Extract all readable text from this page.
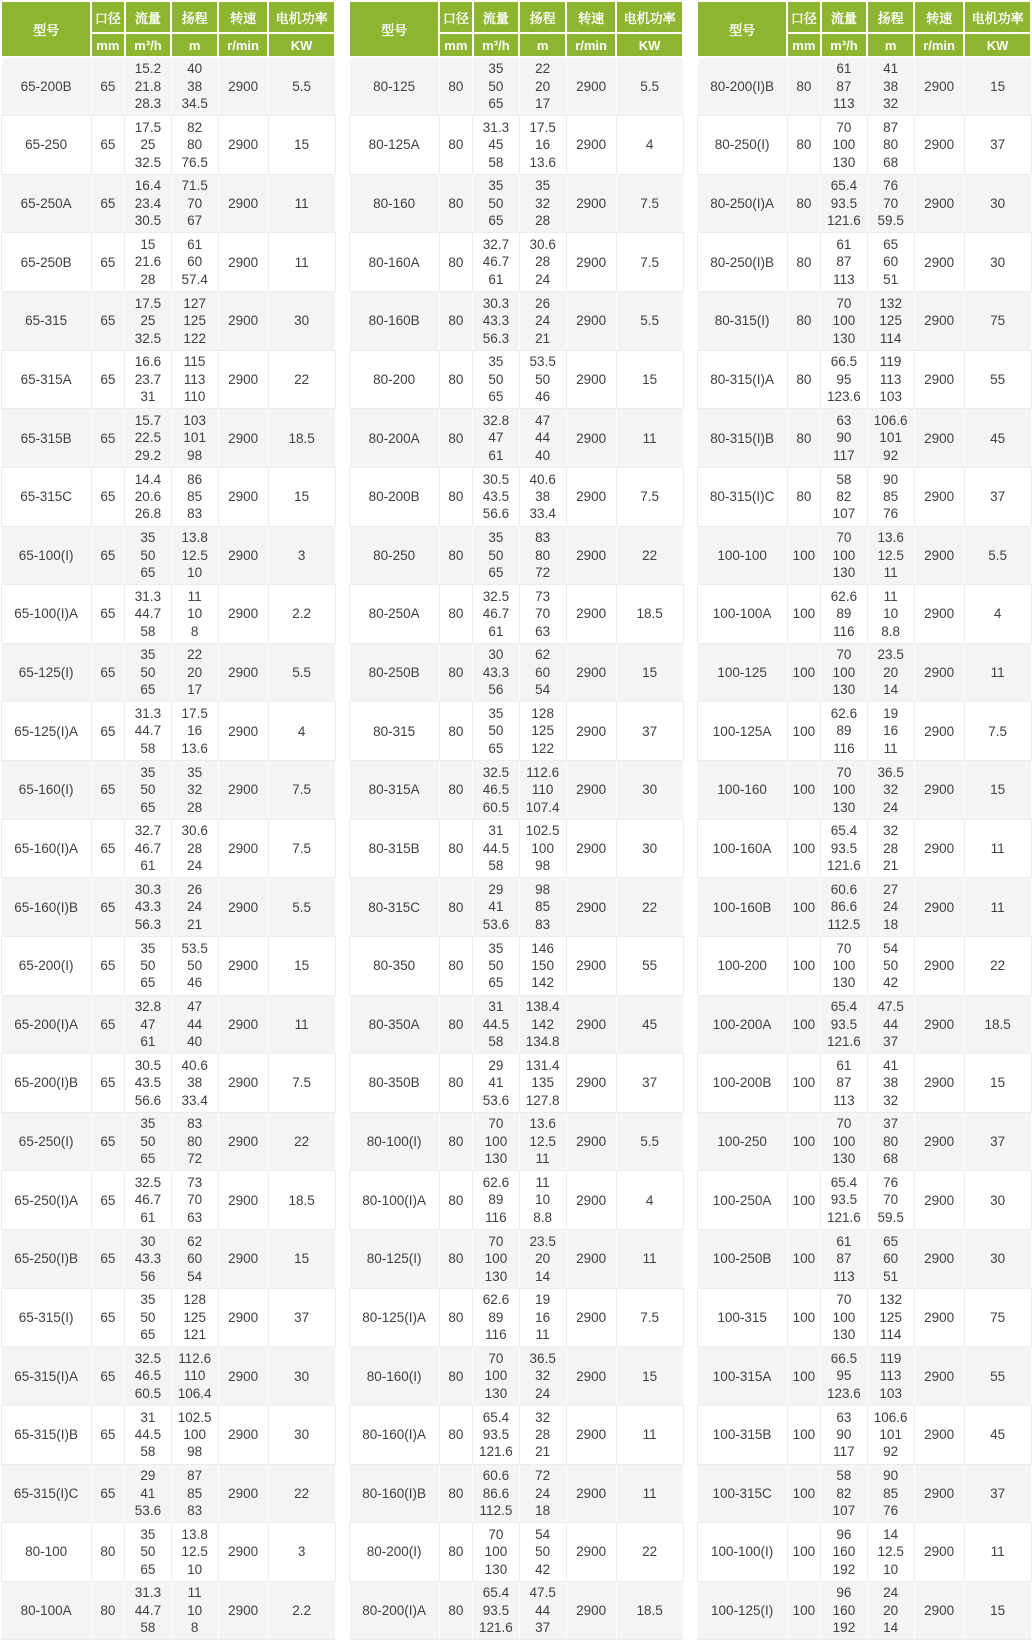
型号	口径	流量	扬程	转速	电机功率
	mm	m³/h	m	r/min	KW
65-200B	65	15.2
21.8
28.3	40
38
34.5	2900	5.5
65-250	65	17.5
25
32.5	82
80
76.5	2900	15
65-250A	65	16.4
23.4
30.5	71.5
70
67	2900	11
65-250B	65	15
21.6
28	61
60
57.4	2900	11
65-315	65	17.5
25
32.5	127
125
122	2900	30
65-315A	65	16.6
23.7
31	115
113
110	2900	22
65-315B	65	15.7
22.5
29.2	103
101
98	2900	18.5
65-315C	65	14.4
20.6
26.8	86
85
83	2900	15
65-100(I)	65	35
50
65	13.8
12.5
10	2900	3
65-100(I)A	65	31.3
44.7
58	11
10
8	2900	2.2
65-125(I)	65	35
50
65	22
20
17	2900	5.5
65-125(I)A	65	31.3
44.7
58	17.5
16
13.6	2900	4
65-160(I)	65	35
50
65	35
32
28	2900	7.5
65-160(I)A	65	32.7
46.7
61	30.6
28
24	2900	7.5
65-160(I)B	65	30.3
43.3
56.3	26
24
21	2900	5.5
65-200(I)	65	35
50
65	53.5
50
46	2900	15
65-200(I)A	65	32.8
47
61	47
44
40	2900	11
65-200(I)B	65	30.5
43.5
56.6	40.6
38
33.4	2900	7.5
65-250(I)	65	35
50
65	83
80
72	2900	22
65-250(I)A	65	32.5
46.7
61	73
70
63	2900	18.5
65-250(I)B	65	30
43.3
56	62
60
54	2900	15
65-315(I)	65	35
50
65	128
125
121	2900	37
65-315(I)A	65	32.5
46.5
60.5	112.6
110
106.4	2900	30
65-315(I)B	65	31
44.5
58	102.5
100
98	2900	30
65-315(I)C	65	29
41
53.6	87
85
83	2900	22
80-100	80	35
50
65	13.8
12.5
10	2900	3
80-100A	80	31.3
44.7
58	11
10
8	2900	2.2
型号	口径	流量	扬程	转速	电机功率
	mm	m³/h	m	r/min	KW
80-125	80	35
50
65	22
20
17	2900	5.5
80-125A	80	31.3
45
58	17.5
16
13.6	2900	4
80-160	80	35
50
65	35
32
28	2900	7.5
80-160A	80	32.7
46.7
61	30.6
28
24	2900	7.5
80-160B	80	30.3
43.3
56.3	26
24
21	2900	5.5
80-200	80	35
50
65	53.5
50
46	2900	15
80-200A	80	32.8
47
61	47
44
40	2900	11
80-200B	80	30.5
43.5
56.6	40.6
38
33.4	2900	7.5
80-250	80	35
50
65	83
80
72	2900	22
80-250A	80	32.5
46.7
61	73
70
63	2900	18.5
80-250B	80	30
43.3
56	62
60
54	2900	15
80-315	80	35
50
65	128
125
122	2900	37
80-315A	80	32.5
46.5
60.5	112.6
110
107.4	2900	30
80-315B	80	31
44.5
58	102.5
100
98	2900	30
80-315C	80	29
41
53.6	98
85
83	2900	22
80-350	80	35
50
65	146
150
142	2900	55
80-350A	80	31
44.5
58	138.4
142
134.8	2900	45
80-350B	80	29
41
53.6	131.4
135
127.8	2900	37
80-100(I)	80	70
100
130	13.6
12.5
11	2900	5.5
80-100(I)A	80	62.6
89
116	11
10
8.8	2900	4
80-125(I)	80	70
100
130	23.5
20
14	2900	11
80-125(I)A	80	62.6
89
116	19
16
11	2900	7.5
80-160(I)	80	70
100
130	36.5
32
24	2900	15
80-160(I)A	80	65.4
93.5
121.6	32
28
21	2900	11
80-160(I)B	80	60.6
86.6
112.5	72
24
18	2900	11
80-200(I)	80	70
100
130	54
50
42	2900	22
80-200(I)A	80	65.4
93.5
121.6	47.5
44
37	2900	18.5
型号	口径	流量	扬程	转速	电机功率
	mm	m³/h	m	r/min	KW
80-200(I)B	80	61
87
113	41
38
32	2900	15
80-250(I)	80	70
100
130	87
80
68	2900	37
80-250(I)A	80	65.4
93.5
121.6	76
70
59.5	2900	30
80-250(I)B	80	61
87
113	65
60
51	2900	30
80-315(I)	80	70
100
130	132
125
114	2900	75
80-315(I)A	80	66.5
95
123.6	119
113
103	2900	55
80-315(I)B	80	63
90
117	106.6
101
92	2900	45
80-315(I)C	80	58
82
107	90
85
76	2900	37
100-100	100	70
100
130	13.6
12.5
11	2900	5.5
100-100A	100	62.6
89
116	11
10
8.8	2900	4
100-125	100	70
100
130	23.5
20
14	2900	11
100-125A	100	62.6
89
116	19
16
11	2900	7.5
100-160	100	70
100
130	36.5
32
24	2900	15
100-160A	100	65.4
93.5
121.6	32
28
21	2900	11
100-160B	100	60.6
86.6
112.5	27
24
18	2900	11
100-200	100	70
100
130	54
50
42	2900	22
100-200A	100	65.4
93.5
121.6	47.5
44
37	2900	18.5
100-200B	100	61
87
113	41
38
32	2900	15
100-250	100	70
100
130	37
80
68	2900	37
100-250A	100	65.4
93.5
121.6	76
70
59.5	2900	30
100-250B	100	61
87
113	65
60
51	2900	30
100-315	100	70
100
130	132
125
114	2900	75
100-315A	100	66.5
95
123.6	119
113
103	2900	55
100-315B	100	63
90
117	106.6
101
92	2900	45
100-315C	100	58
82
107	90
85
76	2900	37
100-100(I)	100	96
160
192	14
12.5
10	2900	11
100-125(I)	100	96
160
192	24
20
14	2900	15
